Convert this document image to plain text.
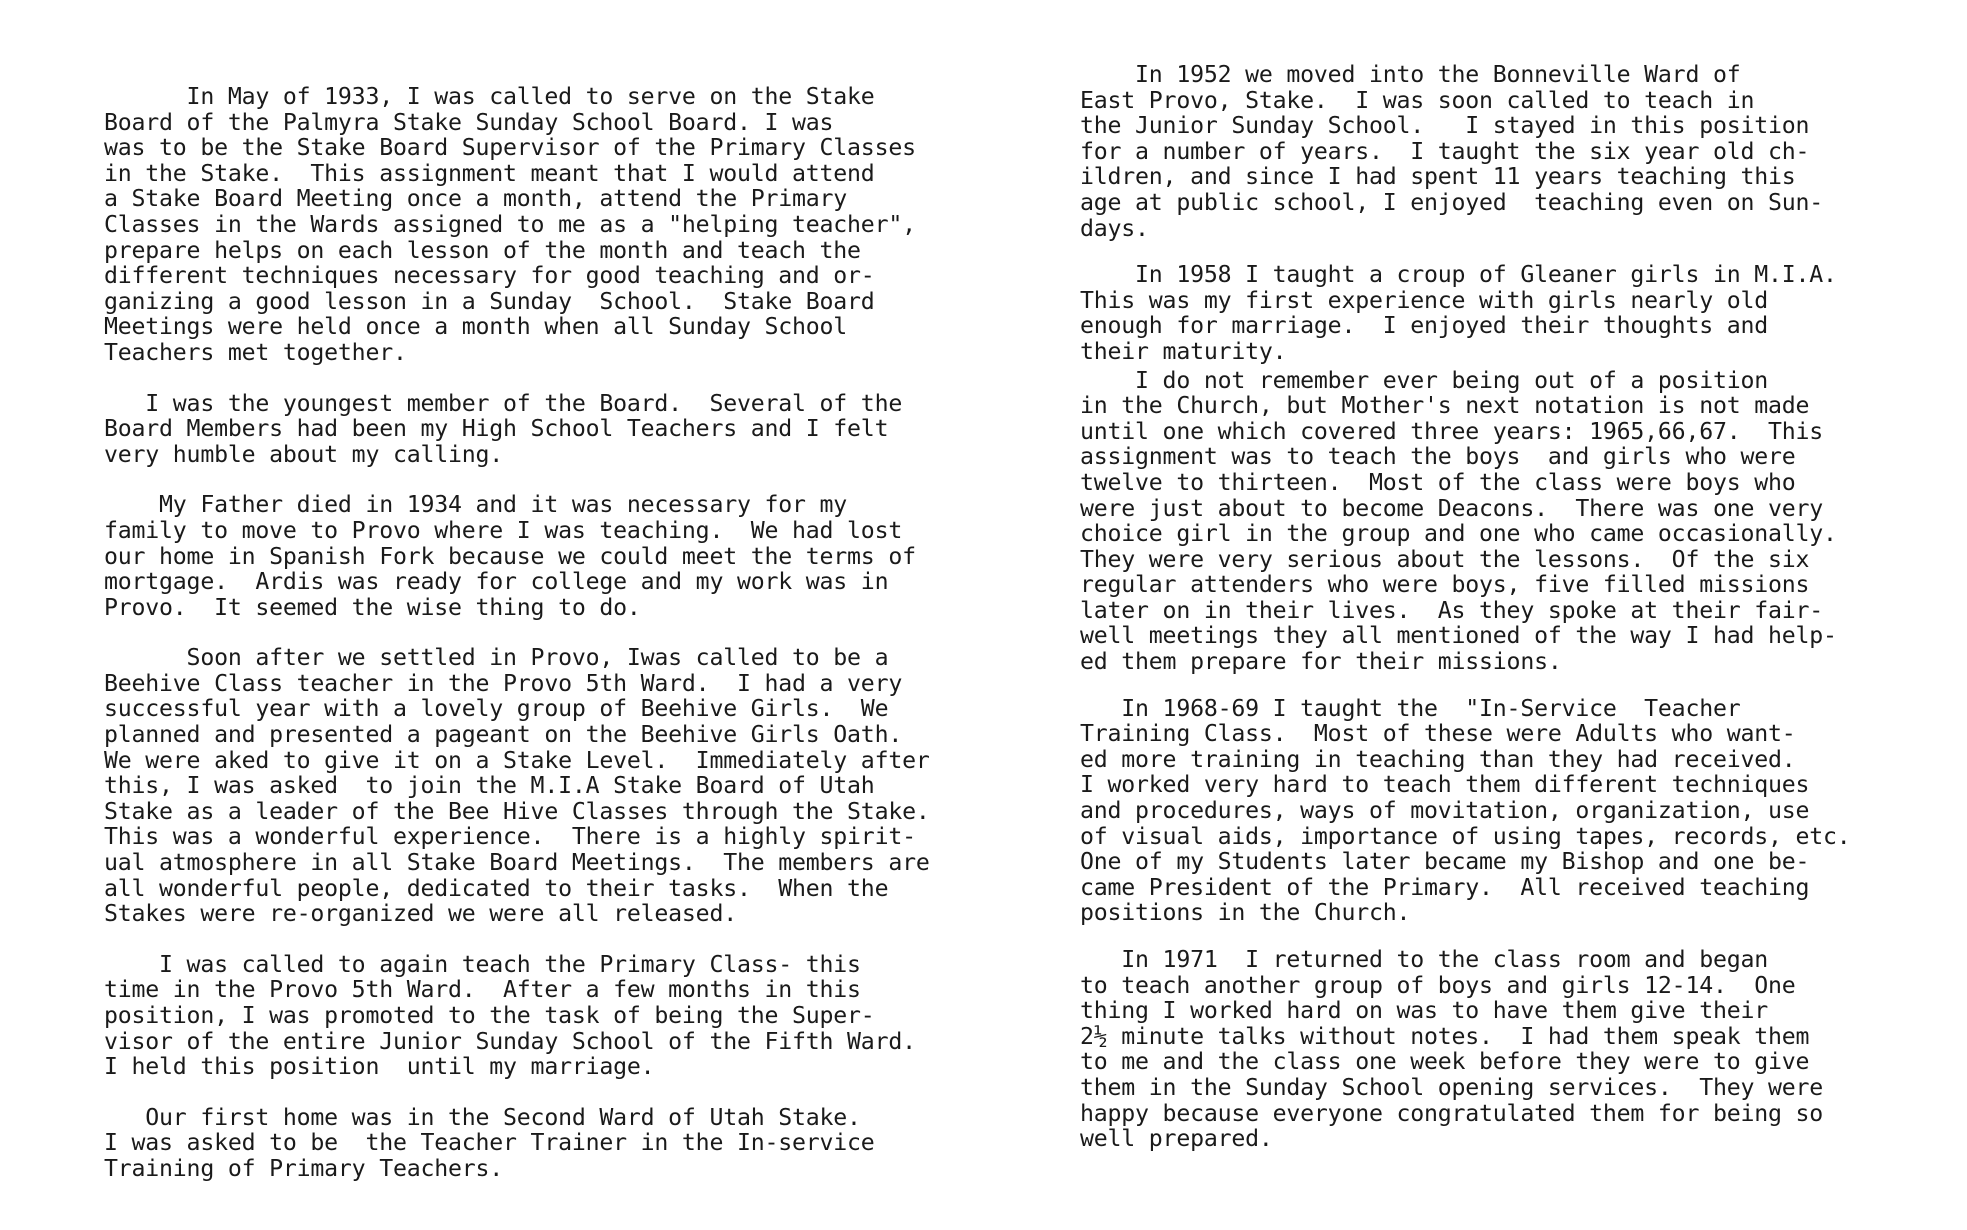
In May of 1933, I was called to serve on the Stake
Board of the Palmyra Stake Sunday School Board. I was
was to be the Stake Board Supervisor of the Primary Classes
in the Stake.  This assignment meant that I would attend
a Stake Board Meeting once a month, attend the Primary
Classes in the Wards assigned to me as a "helping teacher",
prepare helps on each lesson of the month and teach the
different techniques necessary for good teaching and or-
ganizing a good lesson in a Sunday  School.  Stake Board
Meetings were held once a month when all Sunday School
Teachers met together.

I was the youngest member of the Board.  Several of the
Board Members had been my High School Teachers and I felt
very humble about my calling.

My Father died in 1934 and it was necessary for my
family to move to Provo where I was teaching.  We had lost
our home in Spanish Fork because we could meet the terms of
mortgage.  Ardis was ready for college and my work was in
Provo.  It seemed the wise thing to do.

Soon after we settled in Provo, Iwas called to be a
Beehive Class teacher in the Provo 5th Ward.  I had a very
successful year with a lovely group of Beehive Girls.  We
planned and presented a pageant on the Beehive Girls Oath.
We were aked to give it on a Stake Level.  Immediately after
this, I was asked  to join the M.I.A Stake Board of Utah
Stake as a leader of the Bee Hive Classes through the Stake.
This was a wonderful experience.  There is a highly spirit-
ual atmosphere in all Stake Board Meetings.  The members are
all wonderful people, dedicated to their tasks.  When the
Stakes were re-organized we were all released.

I was called to again teach the Primary Class- this
time in the Provo 5th Ward.  After a few months in this
position, I was promoted to the task of being the Super-
visor of the entire Junior Sunday School of the Fifth Ward.
I held this position  until my marriage.

Our first home was in the Second Ward of Utah Stake.
I was asked to be  the Teacher Trainer in the In-service
Training of Primary Teachers.

In 1952 we moved into the Bonneville Ward of
East Provo, Stake.  I was soon called to teach in
the Junior Sunday School.   I stayed in this position
for a number of years.  I taught the six year old ch-
ildren, and since I had spent 11 years teaching this
age at public school, I enjoyed  teaching even on Sun-
days.

In 1958 I taught a croup of Gleaner girls in M.I.A.
This was my first experience with girls nearly old
enough for marriage.  I enjoyed their thoughts and
their maturity.

I do not remember ever being out of a position
in the Church, but Mother's next notation is not made
until one which covered three years: 1965,66,67.  This
assignment was to teach the boys  and girls who were
twelve to thirteen.  Most of the class were boys who
were just about to become Deacons.  There was one very
choice girl in the group and one who came occasionally.
They were very serious about the lessons.  Of the six
regular attenders who were boys, five filled missions
later on in their lives.  As they spoke at their fair-
well meetings they all mentioned of the way I had help-
ed them prepare for their missions.

In 1968-69 I taught the  "In-Service  Teacher
Training Class.  Most of these were Adults who want-
ed more training in teaching than they had received.
I worked very hard to teach them different techniques
and procedures, ways of movitation, organization, use
of visual aids, importance of using tapes, records, etc.
One of my Students later became my Bishop and one be-
came President of the Primary.  All received teaching
positions in the Church.

In 1971  I returned to the class room and began
to teach another group of boys and girls 12-14.  One
thing I worked hard on was to have them give their
2½ minute talks without notes.  I had them speak them
to me and the class one week before they were to give
them in the Sunday School opening services.  They were
happy because everyone congratulated them for being so
well prepared.
